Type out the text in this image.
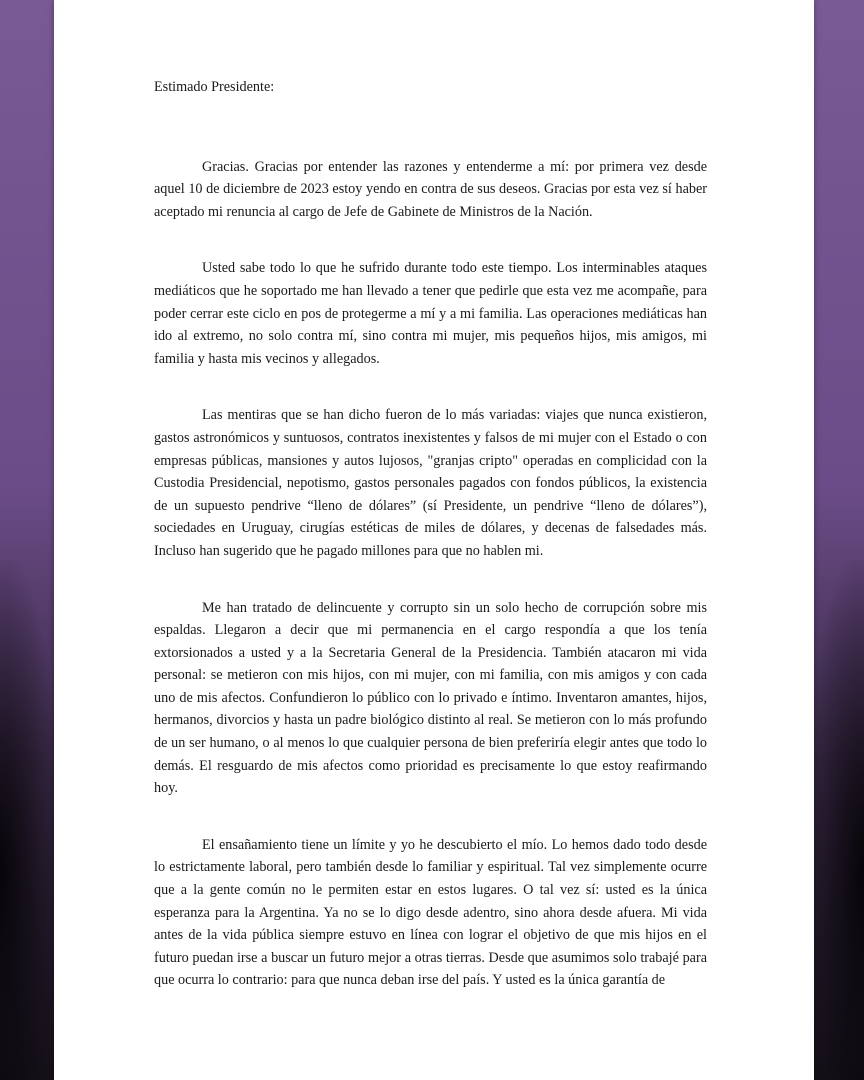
Estimado Presidente:

Gracias. Gracias por entender las razones y entenderme a mí: por primera vez desde aquel 10 de diciembre de 2023 estoy yendo en contra de sus deseos. Gracias por esta vez sí haber aceptado mi renuncia al cargo de Jefe de Gabinete de Ministros de la Nación.

Usted sabe todo lo que he sufrido durante todo este tiempo. Los interminables ataques mediáticos que he soportado me han llevado a tener que pedirle que esta vez me acompañe, para poder cerrar este ciclo en pos de protegerme a mí y a mi familia. Las operaciones mediáticas han ido al extremo, no solo contra mí, sino contra mi mujer, mis pequeños hijos, mis amigos, mi familia y hasta mis vecinos y allegados.

Las mentiras que se han dicho fueron de lo más variadas: viajes que nunca existieron, gastos astronómicos y suntuosos, contratos inexistentes y falsos de mi mujer con el Estado o con empresas públicas, mansiones y autos lujosos, "granjas cripto" operadas en complicidad con la Custodia Presidencial, nepotismo, gastos personales pagados con fondos públicos, la existencia de un supuesto pendrive “lleno de dólares” (sí Presidente, un pendrive “lleno de dólares”), sociedades en Uruguay, cirugías estéticas de miles de dólares, y decenas de falsedades más. Incluso han sugerido que he pagado millones para que no hablen mi.

Me han tratado de delincuente y corrupto sin un solo hecho de corrupción sobre mis espaldas. Llegaron a decir que mi permanencia en el cargo respondía a que los tenía extorsionados a usted y a la Secretaria General de la Presidencia. También atacaron mi vida personal: se metieron con mis hijos, con mi mujer, con mi familia, con mis amigos y con cada uno de mis afectos. Confundieron lo público con lo privado e íntimo. Inventaron amantes, hijos, hermanos, divorcios y hasta un padre biológico distinto al real. Se metieron con lo más profundo de un ser humano, o al menos lo que cualquier persona de bien preferiría elegir antes que todo lo demás. El resguardo de mis afectos como prioridad es precisamente lo que estoy reafirmando hoy.

El ensañamiento tiene un límite y yo he descubierto el mío. Lo hemos dado todo desde lo estrictamente laboral, pero también desde lo familiar y espiritual. Tal vez simplemente ocurre que a la gente común no le permiten estar en estos lugares. O tal vez sí: usted es la única esperanza para la Argentina. Ya no se lo digo desde adentro, sino ahora desde afuera. Mi vida antes de la vida pública siempre estuvo en línea con lograr el objetivo de que mis hijos en el futuro puedan irse a buscar un futuro mejor a otras tierras. Desde que asumimos solo trabajé para que ocurra lo contrario: para que nunca deban irse del país. Y usted es la única garantía de
